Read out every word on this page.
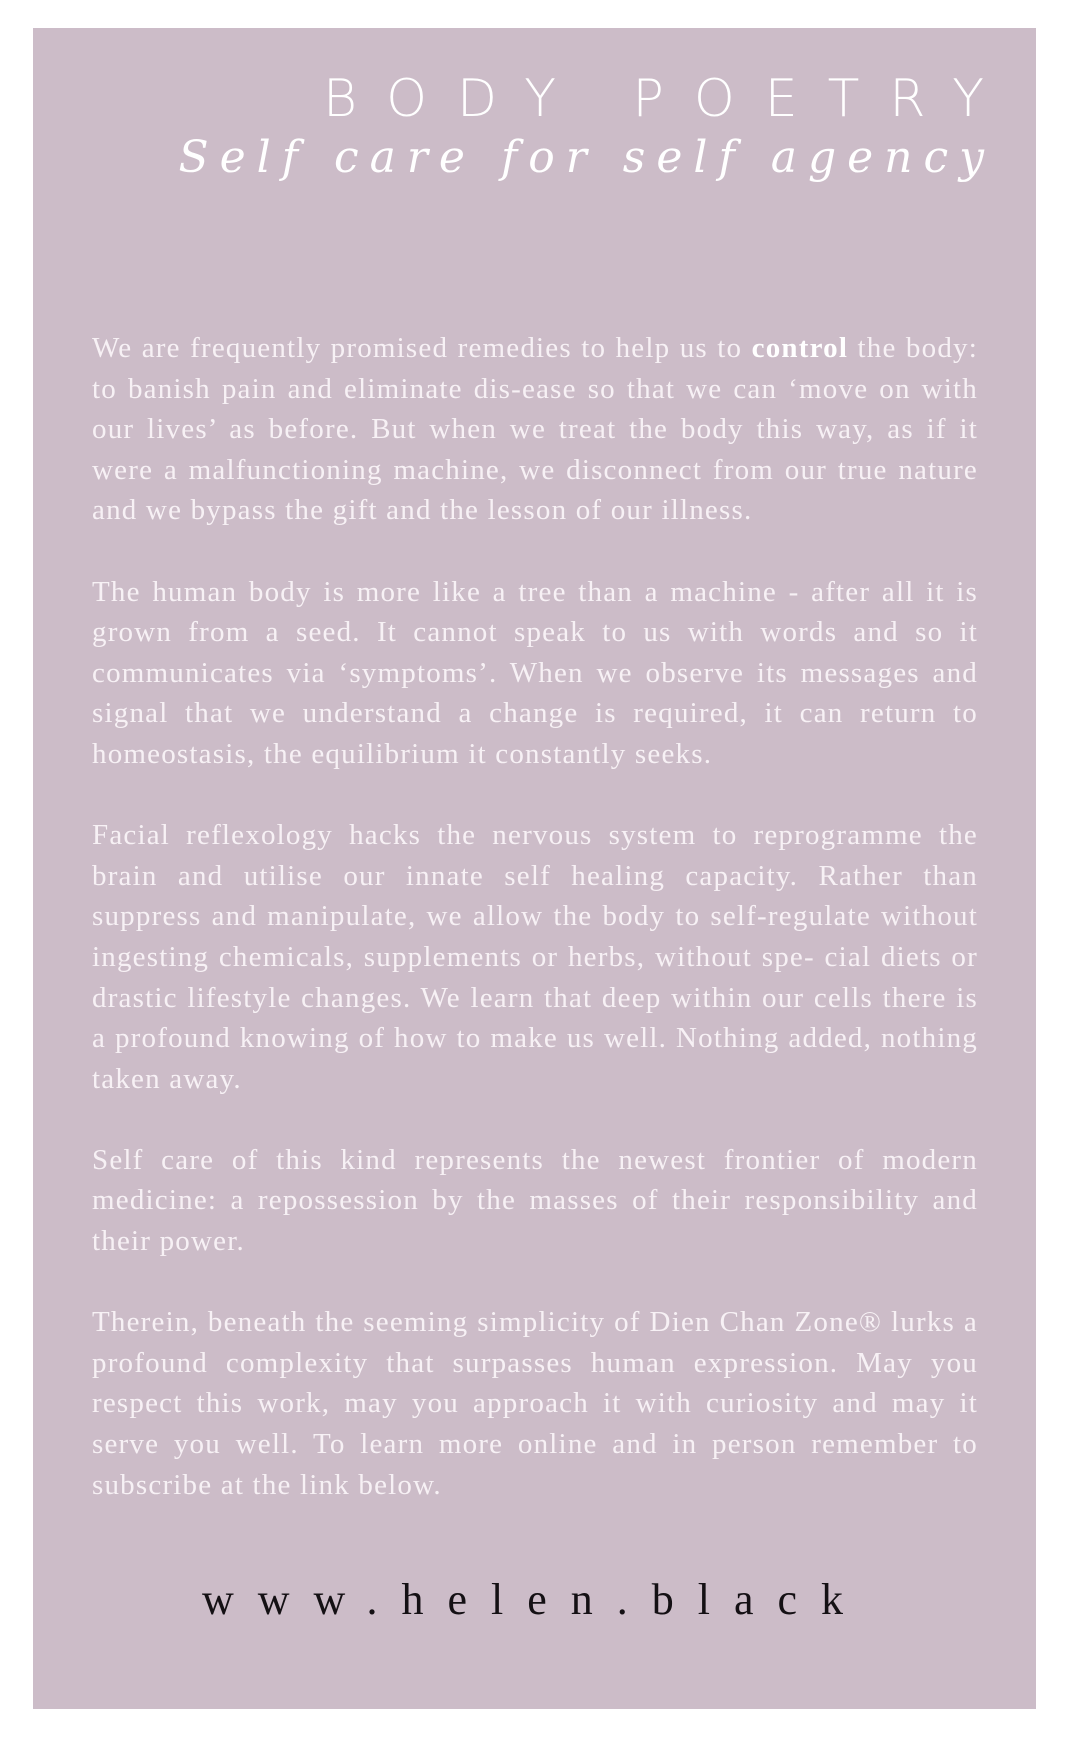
BODY POETRY
Self care for self agency

We are frequently promised remedies to help us to control the body: to banish pain and eliminate dis-ease so that we can ‘move on with our lives’ as before. But when we treat the body this way, as if it were a malfunctioning machine, we disconnect from our true nature and we bypass the gift and the lesson of our illness.

The human body is more like a tree than a machine - after all it is grown from a seed. It cannot speak to us with words and so it communicates via ‘symptoms’. When we observe its messages and signal that we understand a change is required, it can return to homeostasis, the equilibrium it constantly seeks.

Facial reflexology hacks the nervous system to reprogramme the brain and utilise our innate self healing capacity. Rather than suppress and manipulate, we allow the body to self-regulate without ingesting chemicals, supplements or herbs, without spe- cial diets or drastic lifestyle changes. We learn that deep within our cells there is a profound knowing of how to make us well. Nothing added, nothing taken away.

Self care of this kind represents the newest frontier of modern medicine: a repossession by the masses of their responsibility and their power.

Therein, beneath the seeming simplicity of Dien Chan Zone® lurks a profound complexity that surpasses human expression. May you respect this work, may you approach it with curiosity and may it serve you well. To learn more online and in person remember to subscribe at the link below.

www.helen.black
